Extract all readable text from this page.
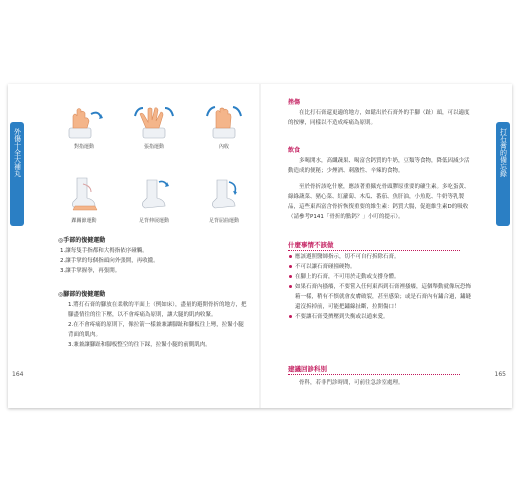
外傷十全大補丸	對指運動	張指運動	內收
踝關節運動	足背伸展運動	足背屈曲運動
◎手部的復健運動
1.讓每隻手指都和大拇指依序碰觸。
2.讓手掌的每個指頭向外張開，再收攏。
3.讓手掌握拳，再張開。
◎腳部的復健運動
1.將打石膏的腳放在柔軟的平面上（例如床），盡量的避開骨折的地方，把腳盡情往的往下壓，以不會疼痛為原則，讓大腿的肌肉收緊。
2.在不會疼痛的原則下，像拉箭一樣兼兼讓腳趾和腳板往上彎，拉緊小腿背面的肌肉。
3.兼兼讓腳趾和腳板整空的往下踩，拉緊小腿的前側肌肉。
164
打石膏的備忘錄
挫傷

在比打石膏還更適的地方，如鬆出於石膏外的手腳（趾）頭，可以適度的按摩，同樣以不造成疼痛為原則。

飲食

多喝開水，高纖蔬果、喝富含鈣質的牛奶，豆類等食物，降低因減少活動造成的便秘；少煙酒、刺激性、辛辣的食物。

至於骨折該吃什麼，應該著重攝充骨頭膠原重要的礦生素。多吃蛋黃、綠綠蔬菜、豬心菜、紅蘿蔔、木瓜、番茄、魚肝油，小魚乾、牛奶等乳製品，這些東西富含骨折恢復重要的維生素：鈣質大腸，促進維生素D的吸收（請參考P141「骨折的點鈣？」小叮的提示）。

什麼事情不該做
應該遵照醫師指示，切不可自行拆除石膏。
不可以讓石膏碰撞硬物。
在腳上的石膏，不可用於走動或支撐身體。
如果石膏內搔癢，不要嘗入任何東西到石膏裡搔癢，這個舉動就像玩恐怖箱一樣，稍有不慎就會皮膚破裂，甚至感染；或是石膏內有鏽合過，鏽縫還沒拆掉前，可能把鏽線扯斷，拉開傷口！
不要讓石膏受擠壓到失衡或以通來愛。
建議回診科別
骨科，若非門診時間，可前往急診室處理。
165
